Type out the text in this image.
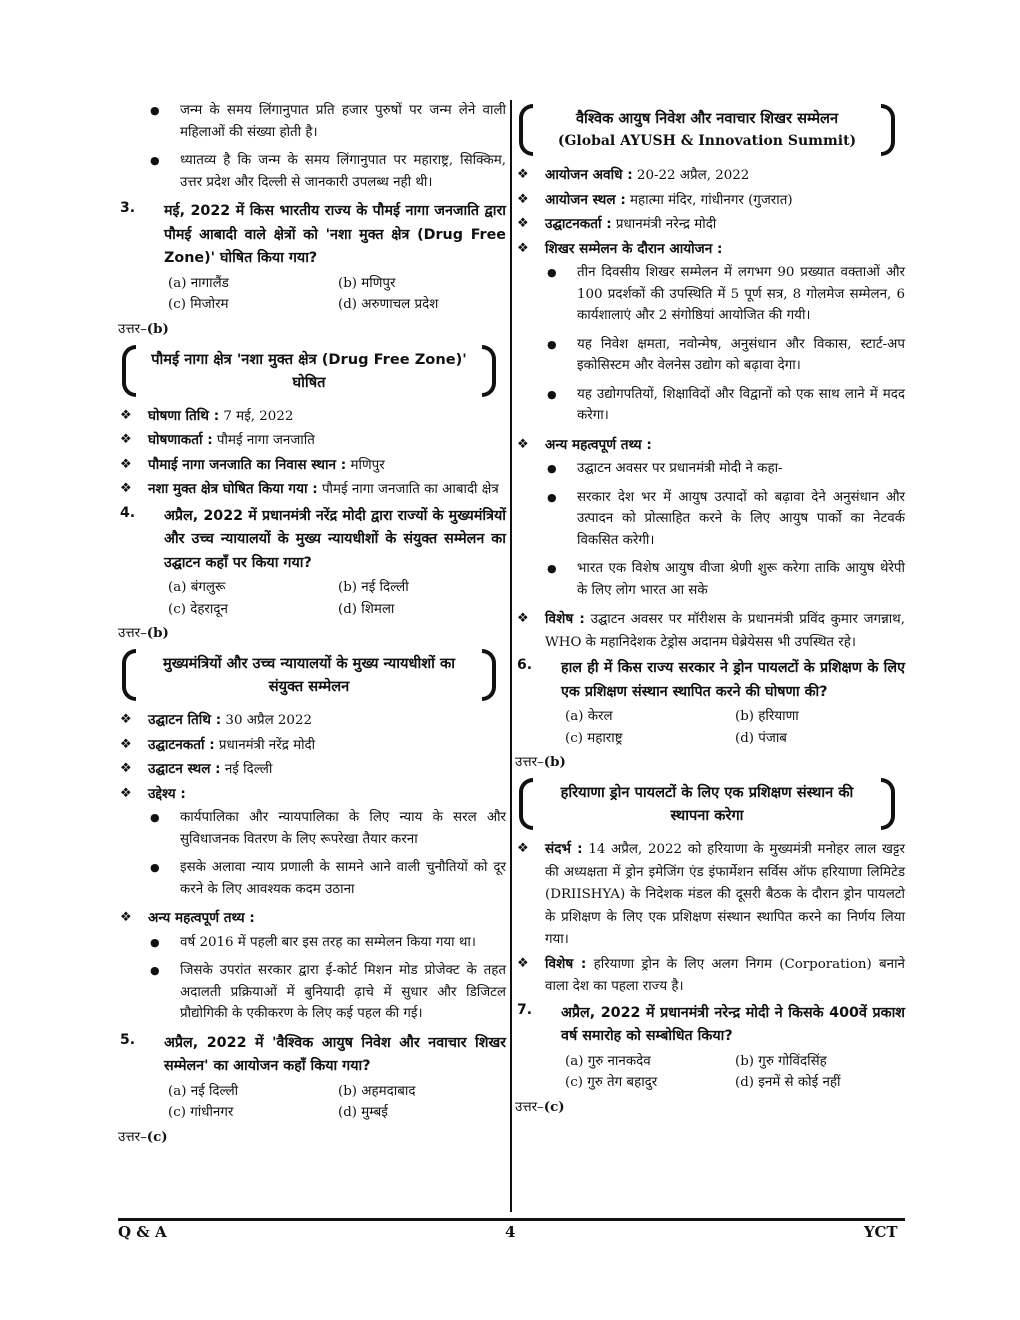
● जन्म के समय लिंगानुपात प्रति हजार पुरुषों पर जन्म लेने वाली महिलाओं की संख्या होती है।
● ध्यातव्य है कि जन्म के समय लिंगानुपात पर महाराष्ट्र, सिक्किम, उत्तर प्रदेश और दिल्ली से जानकारी उपलब्ध नही थी।
3. मई, 2022 में किस भारतीय राज्य के पौमई नागा जनजाति द्वारा पौमई आबादी वाले क्षेत्रों को 'नशा मुक्त क्षेत्र (Drug Free Zone)' घोषित किया गया?
(a) नागालैंड	(b) मणिपुर
(c) मिजोरम	(d) अरुणाचल प्रदेश
उत्तर–(b)
पौमई नागा क्षेत्र 'नशा मुक्त क्षेत्र (Drug Free Zone)' घोषित
❖ घोषणा तिथि : 7 मई, 2022
❖ घोषणाकर्ता : पौमई नागा जनजाति
❖ पौमाई नागा जनजाति का निवास स्थान : मणिपुर
❖ नशा मुक्त क्षेत्र घोषित किया गया : पौमई नागा जनजाति का आबादी क्षेत्र
4. अप्रैल, 2022 में प्रधानमंत्री नरेंद्र मोदी द्वारा राज्यों के मुख्यमंत्रियों और उच्च न्यायालयों के मुख्य न्यायधीशों के संयुक्त सम्मेलन का उद्घाटन कहाँ पर किया गया?
(a) बंगलुरू	(b) नई दिल्ली
(c) देहरादून	(d) शिमला
उत्तर–(b)
मुख्यमंत्रियों और उच्च न्यायालयों के मुख्य न्यायधीशों का संयुक्त सम्मेलन
❖ उद्घाटन तिथि : 30 अप्रैल 2022
❖ उद्घाटनकर्ता : प्रधानमंत्री नरेंद्र मोदी
❖ उद्घाटन स्थल : नई दिल्ली
❖ उद्देश्य :
● कार्यपालिका और न्यायपालिका के लिए न्याय के सरल और सुविधाजनक वितरण के लिए रूपरेखा तैयार करना
● इसके अलावा न्याय प्रणाली के सामने आने वाली चुनौतियों को दूर करने के लिए आवश्यक कदम उठाना
❖ अन्य महत्वपूर्ण तथ्य :
● वर्ष 2016 में पहली बार इस तरह का सम्मेलन किया गया था।
● जिसके उपरांत सरकार द्वारा ई-कोर्ट मिशन मोड प्रोजेक्ट के तहत अदालती प्रक्रियाओं में बुनियादी ढ़ाचे में सुधार और डिजिटल प्रौद्योगिकी के एकीकरण के लिए कई पहल की गई।
5. अप्रैल, 2022 में 'वैश्विक आयुष निवेश और नवाचार शिखर सम्मेलन' का आयोजन कहाँ किया गया?
(a) नई दिल्ली	(b) अहमदाबाद
(c) गांधीनगर	(d) मुम्बई
उत्तर–(c)
वैश्विक आयुष निवेश और नवाचार शिखर सम्मेलन
(Global AYUSH & Innovation Summit)
❖ आयोजन अवधि : 20-22 अप्रैल, 2022
❖ आयोजन स्थल : महात्मा मंदिर, गांधीनगर (गुजरात)
❖ उद्घाटनकर्ता : प्रधानमंत्री नरेन्द्र मोदी
❖ शिखर सम्मेलन के दौरान आयोजन :
● तीन दिवसीय शिखर सम्मेलन में लगभग 90 प्रख्यात वक्ताओं और 100 प्रदर्शकों की उपस्थिति में 5 पूर्ण सत्र, 8 गोलमेज सम्मेलन, 6 कार्यशालाएं और 2 संगोष्ठियां आयोजित की गयी।
● यह निवेश क्षमता, नवोन्मेष, अनुसंधान और विकास, स्टार्ट-अप इकोसिस्टम और वेलनेस उद्योग को बढ़ावा देगा।
● यह उद्योगपतियों, शिक्षाविदों और विद्वानों को एक साथ लाने में मदद करेगा।
❖ अन्य महत्वपूर्ण तथ्य :
● उद्घाटन अवसर पर प्रधानमंत्री मोदी ने कहा-
● सरकार देश भर में आयुष उत्पादों को बढ़ावा देने अनुसंधान और उत्पादन को प्रोत्साहित करने के लिए आयुष पार्को का नेटवर्क विकसित करेगी।
● भारत एक विशेष आयुष वीजा श्रेणी शुरू करेगा ताकि आयुष थेरेपी के लिए लोग भारत आ सके
❖ विशेष : उद्घाटन अवसर पर मॉरीशस के प्रधानमंत्री प्रविंद कुमार जगन्नाथ, WHO के महानिदेशक टेड्रोस अदानम घेब्रेयेसस भी उपस्थित रहे।
6. हाल ही में किस राज्य सरकार ने ड्रोन पायलटों के प्रशिक्षण के लिए एक प्रशिक्षण संस्थान स्थापित करने की घोषणा की?
(a) केरल	(b) हरियाणा
(c) महाराष्ट्र	(d) पंजाब
उत्तर–(b)
हरियाणा ड्रोन पायलटों के लिए एक प्रशिक्षण संस्थान की स्थापना करेगा
❖ संदर्भ : 14 अप्रैल, 2022 को हरियाणा के मुख्यमंत्री मनोहर लाल खट्टर की अध्यक्षता में ड्रोन इमेजिंग एंड इंफार्मेशन सर्विस ऑफ हरियाणा लिमिटेड (DRIISHYA) के निदेशक मंडल की दूसरी बैठक के दौरान ड्रोन पायलटो के प्रशिक्षण के लिए एक प्रशिक्षण संस्थान स्थापित करने का निर्णय लिया गया।
❖ विशेष : हरियाणा ड्रोन के लिए अलग निगम (Corporation) बनाने वाला देश का पहला राज्य है।
7. अप्रैल, 2022 में प्रधानमंत्री नरेन्द्र मोदी ने किसके 400वें प्रकाश वर्ष समारोह को सम्बोधित किया?
(a) गुरु नानकदेव	(b) गुरु गोविंदसिंह
(c) गुरु तेग बहादुर	(d) इनमें से कोई नहीं
उत्तर–(c)
Q & A	4	YCT
